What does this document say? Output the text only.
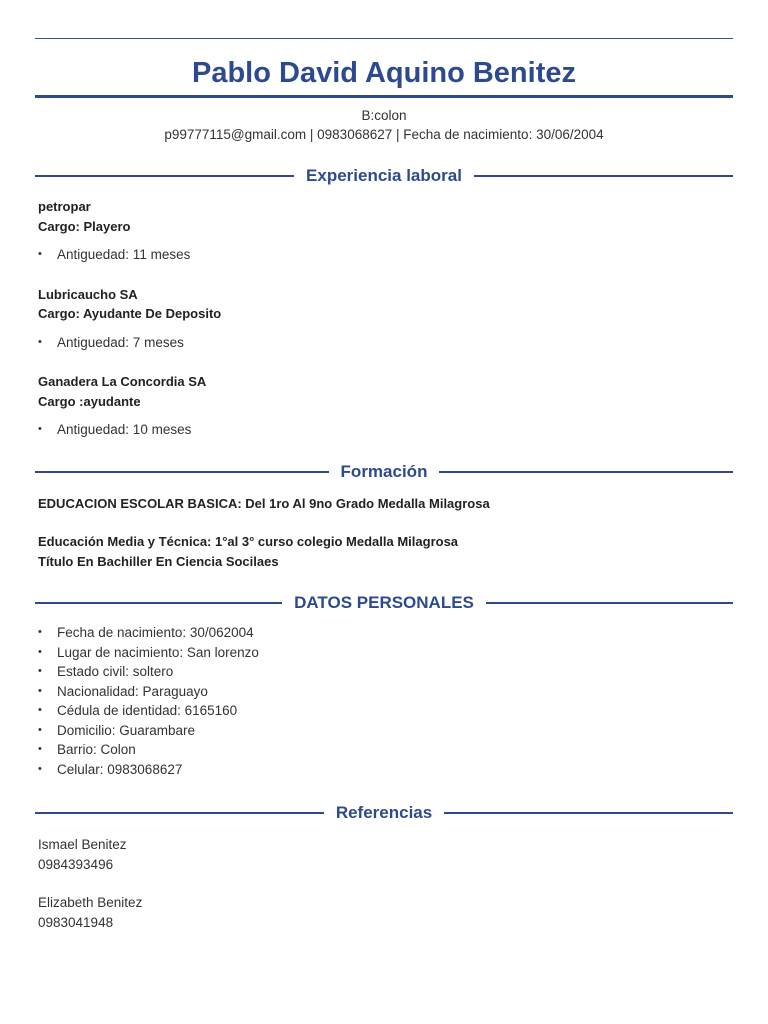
Pablo David Aquino Benitez
B:colon
p99777115@gmail.com | 0983068627 | Fecha de nacimiento: 30/06/2004
Experiencia laboral
petropar
Cargo: Playero
• Antiguedad: 11 meses
Lubricaucho SA
Cargo: Ayudante De Deposito
• Antiguedad: 7 meses
Ganadera La Concordia SA
Cargo :ayudante
• Antiguedad: 10 meses
Formación
EDUCACION ESCOLAR BASICA: Del 1ro Al 9no Grado Medalla Milagrosa
Educación Media y Técnica: 1°al 3° curso colegio Medalla Milagrosa
Título En Bachiller En Ciencia Socilaes
DATOS PERSONALES
• Fecha de nacimiento: 30/062004
• Lugar de nacimiento: San lorenzo
• Estado civil: soltero
• Nacionalidad: Paraguayo
• Cédula de identidad: 6165160
• Domicilio: Guarambare
• Barrio: Colon
• Celular: 0983068627
Referencias
Ismael Benitez
0984393496
Elizabeth Benitez
0983041948
